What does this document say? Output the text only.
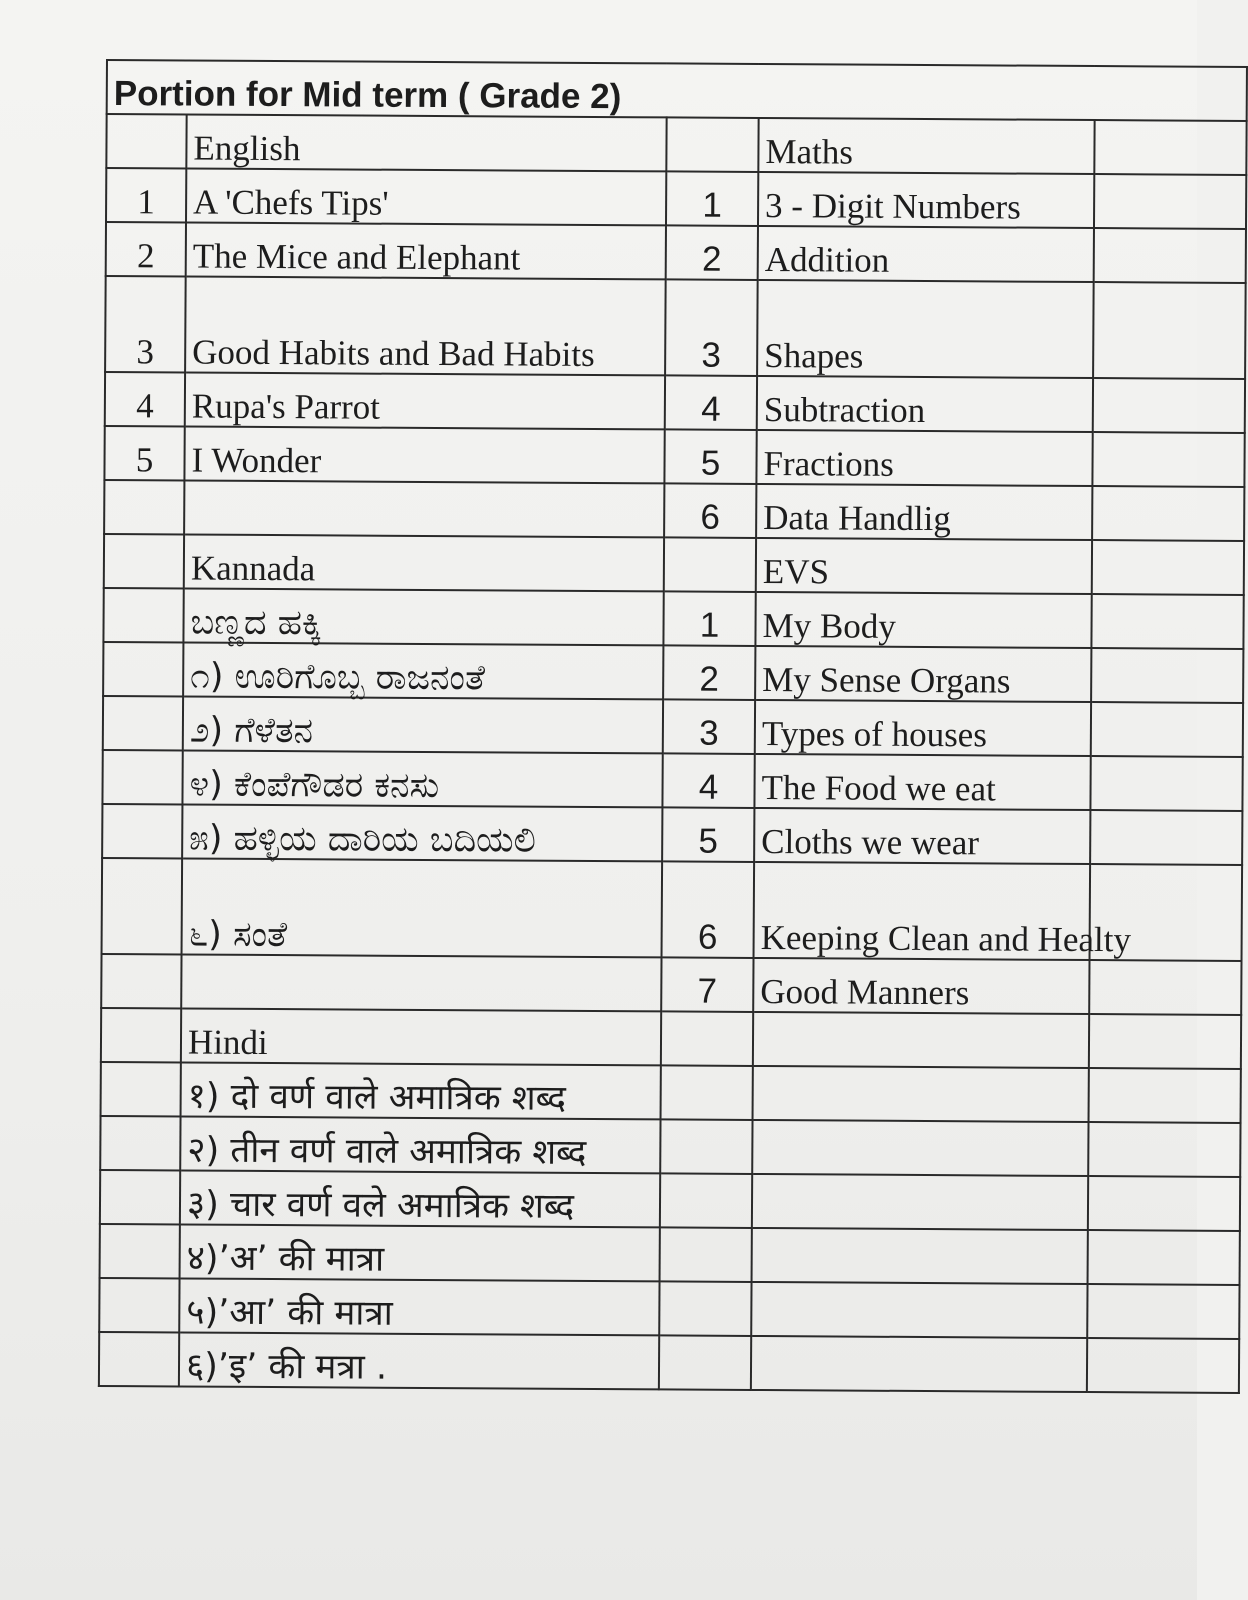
Portion for Mid term ( Grade 2)				
	English		Maths	
1	A 'Chefs Tips'	1	3 - Digit Numbers	
2	The Mice and Elephant	2	Addition	
3	Good Habits and Bad Habits	3	Shapes	
4	Rupa's Parrot	4	Subtraction	
5	I Wonder	5	Fractions	
		6	Data Handlig	
	Kannada		EVS	
	ಬಣ್ಣದ ಹಕ್ಕಿ	1	My Body	
	೧) ಊರಿಗೊಬ್ಬ ರಾಜನಂತೆ	2	My Sense Organs	
	೨) ಗೆಳೆತನ	3	Types of houses	
	೪) ಕೆಂಪೆಗೌಡರ ಕನಸು	4	The Food we eat	
	೫) ಹಳ್ಳಿಯ ದಾರಿಯ ಬದಿಯಲಿ	5	Cloths we wear	
	೬) ಸಂತೆ	6	Keeping Clean and Healty	
		7	Good Manners	
	Hindi			
	१) दो वर्ण वाले अमात्रिक शब्द			
	२) तीन वर्ण वाले अमात्रिक शब्द			
	३) चार वर्ण वले अमात्रिक शब्द			
	४)’अ’ की मात्रा			
	५)’आ’ की मात्रा			
	६)’इ’ की मत्रा .			
